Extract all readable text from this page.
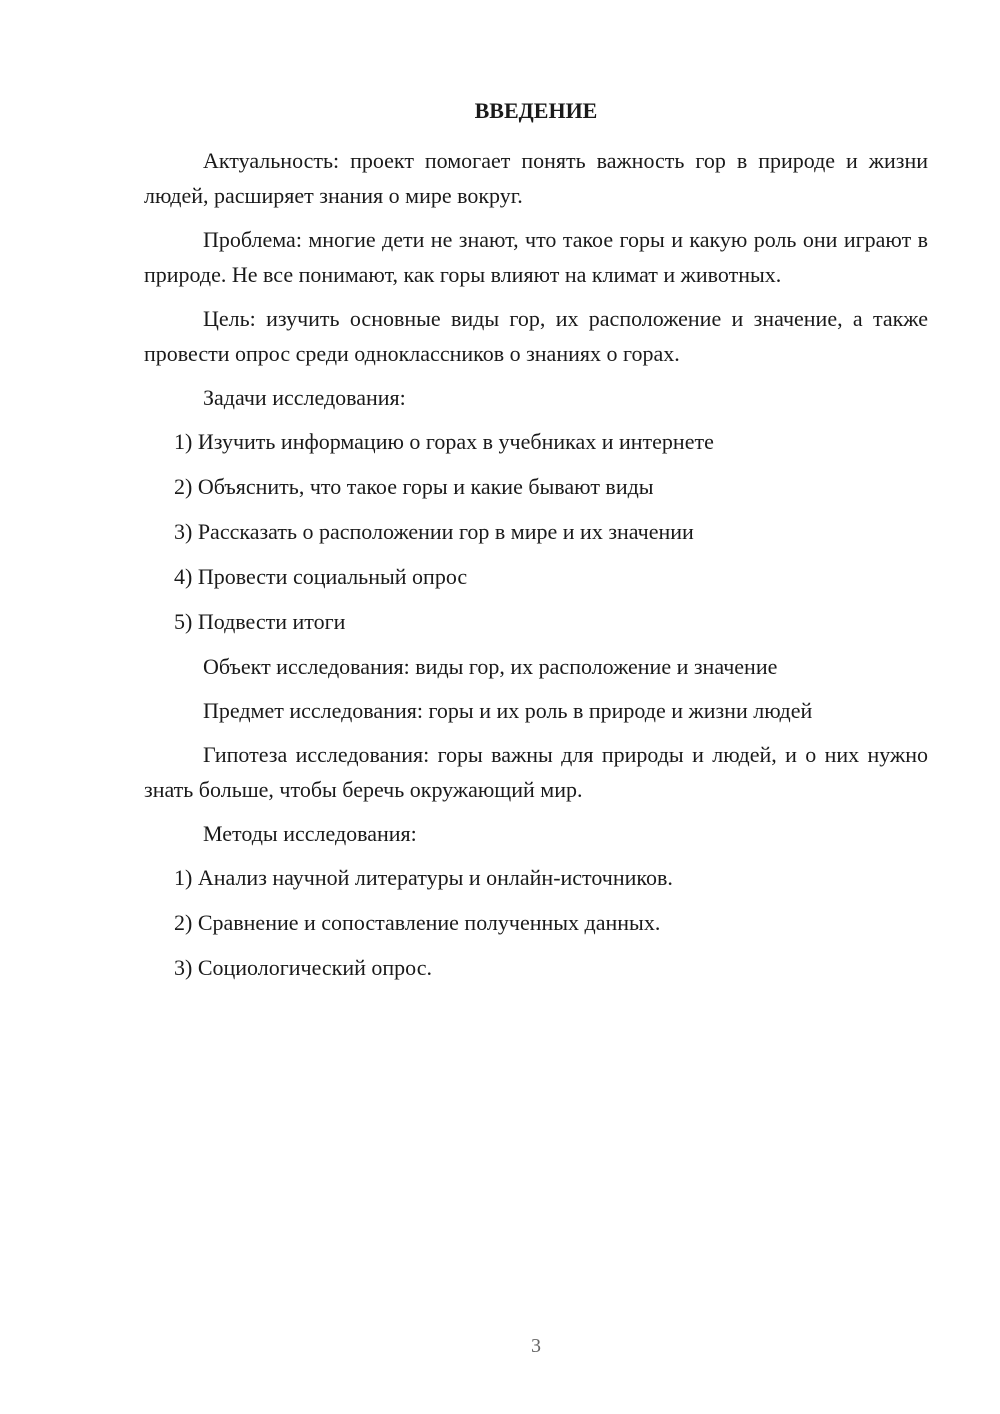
ВВЕДЕНИЕ

Актуальность: проект помогает понять важность гор в природе и жизни людей, расширяет знания о мире вокруг.

Проблема: многие дети не знают, что такое горы и какую роль они играют в природе. Не все понимают, как горы влияют на климат и животных.

Цель: изучить основные виды гор, их расположение и значение, а также провести опрос среди одноклассников о знаниях о горах.

Задачи исследования:

1) Изучить информацию о горах в учебниках и интернете

2) Объяснить, что такое горы и какие бывают виды

3) Рассказать о расположении гор в мире и их значении

4) Провести социальный опрос

5) Подвести итоги

Объект исследования: виды гор, их расположение и значение

Предмет исследования: горы и их роль в природе и жизни людей

Гипотеза исследования: горы важны для природы и людей, и о них нужно знать больше, чтобы беречь окружающий мир.

Методы исследования:

1) Анализ научной литературы и онлайн-источников.

2) Сравнение и сопоставление полученных данных.

3) Социологический опрос.

3
